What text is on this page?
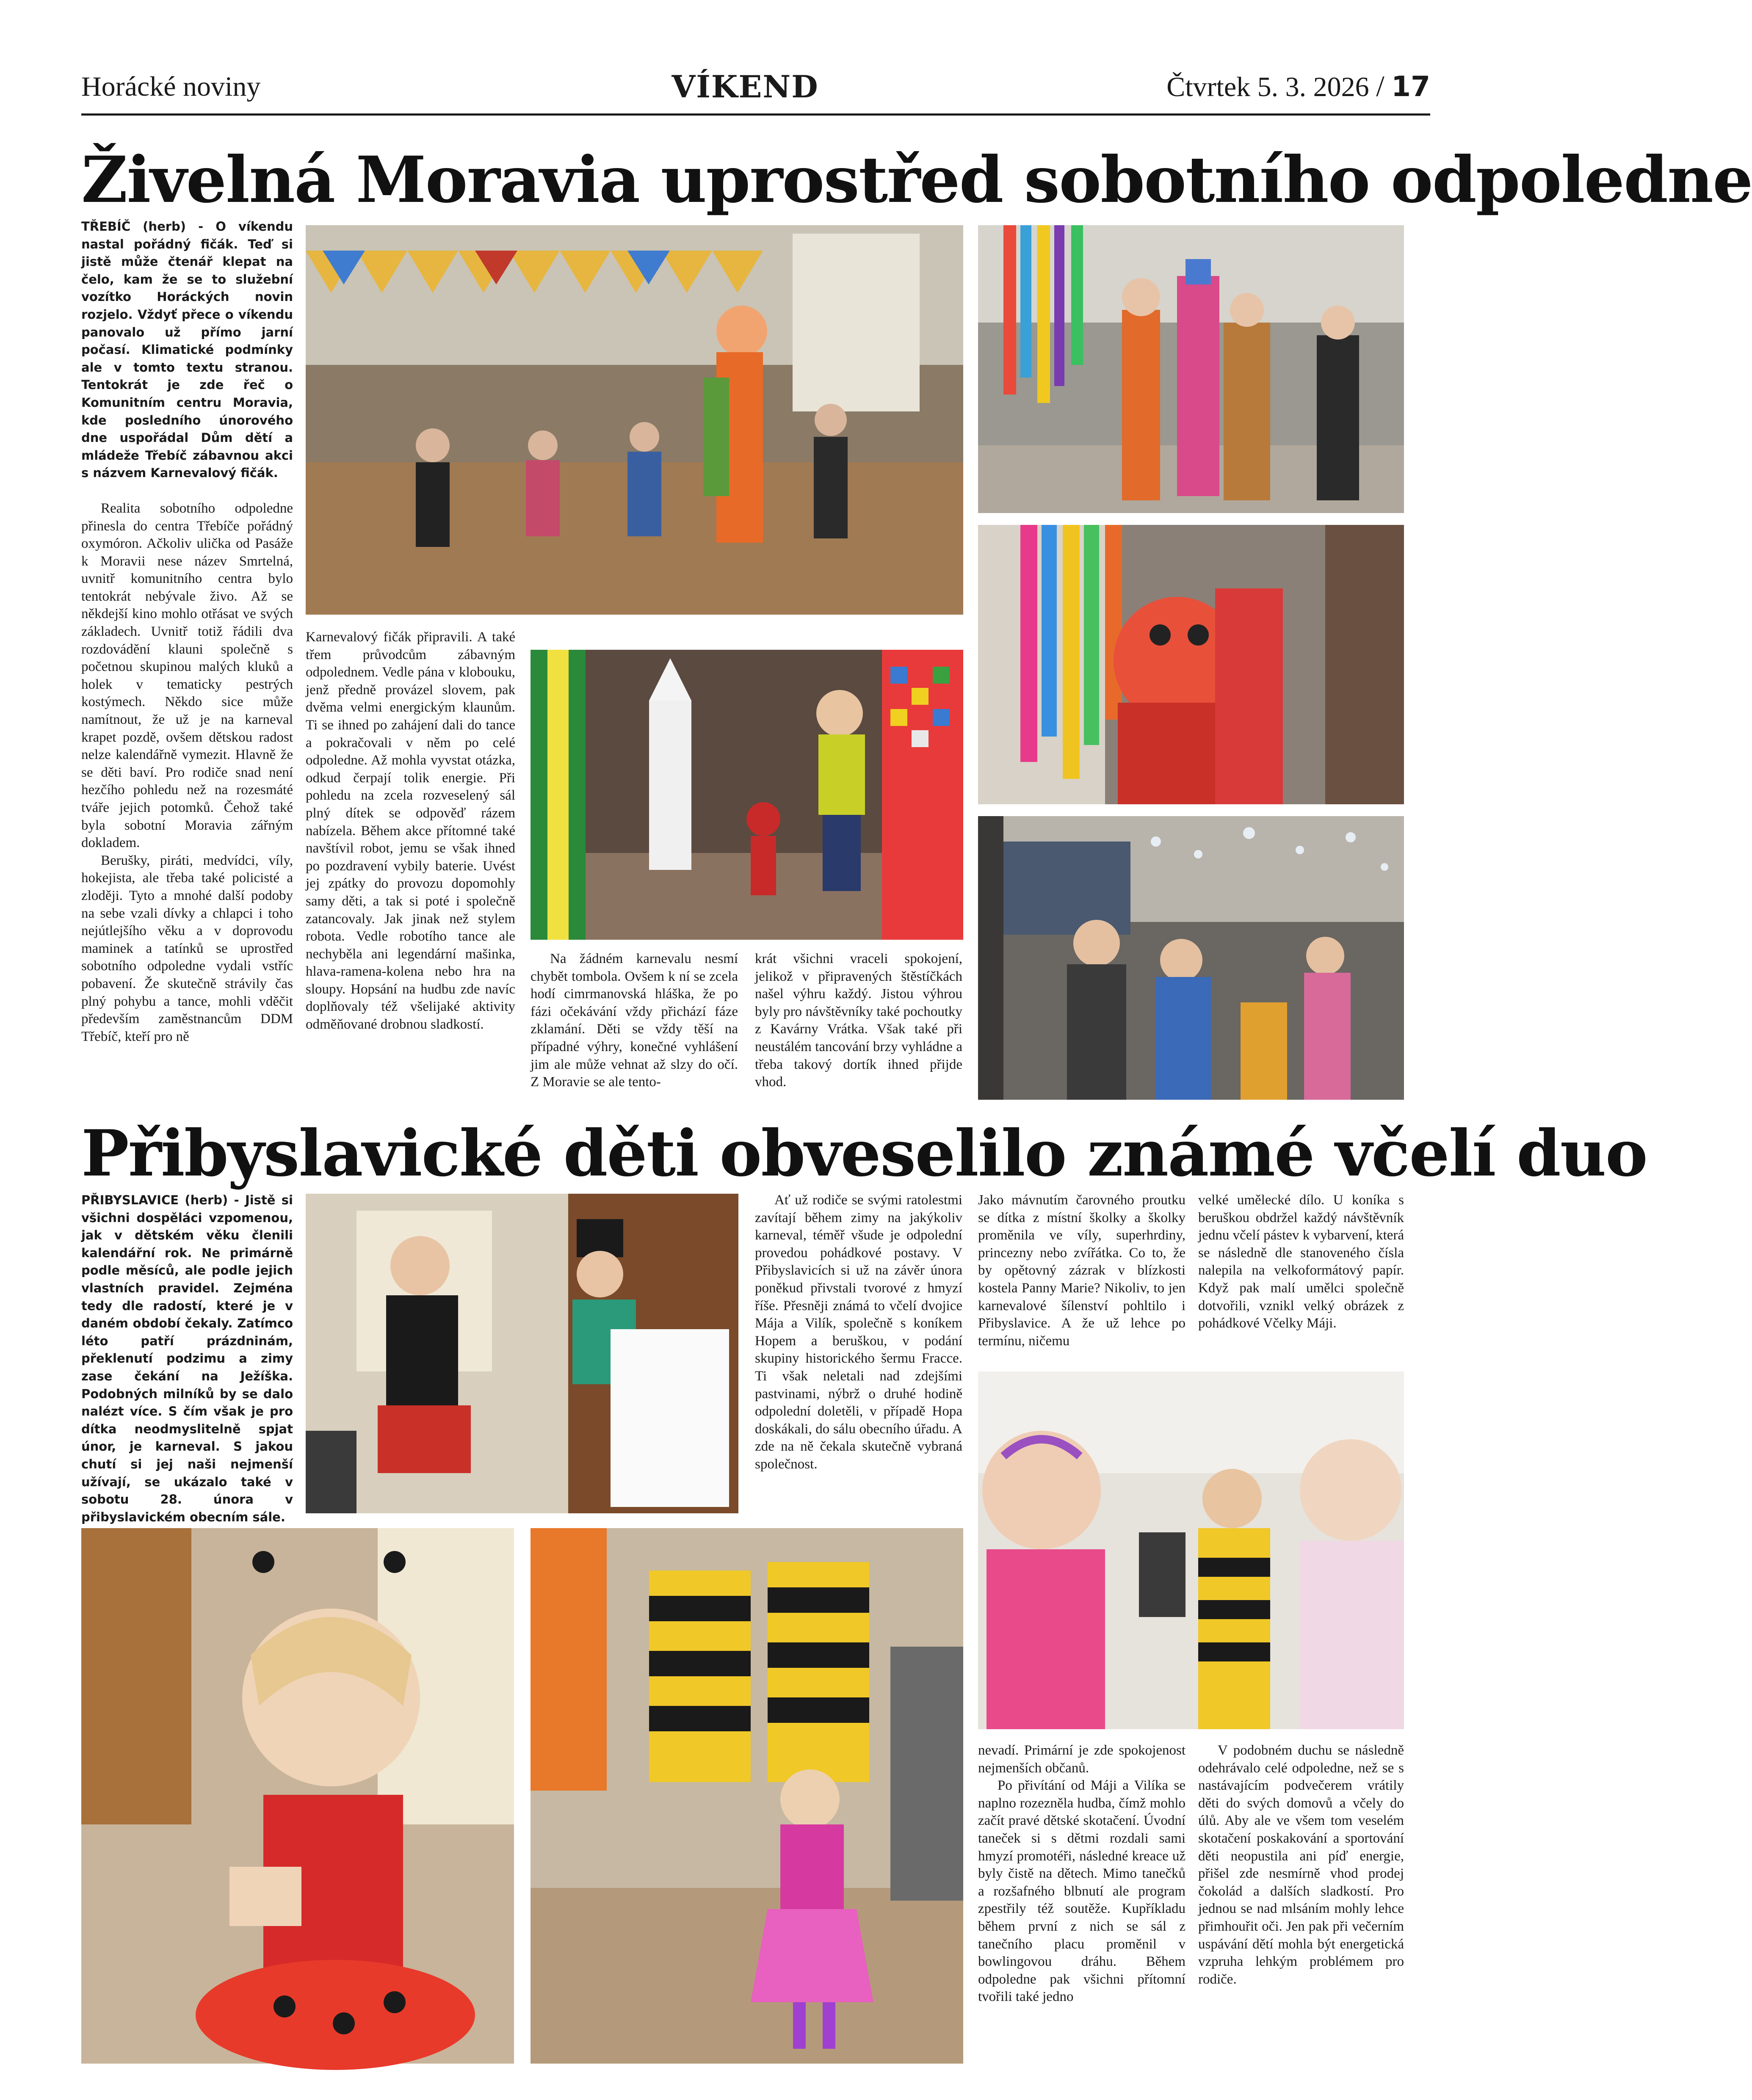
Horácké noviny	VÍKEND	Čtvrtek 5. 3. 2026 / 17
Živelná Moravia uprostřed sobotního odpoledne

TŘEBÍČ (herb) - O víkendu nastal pořádný fičák. Teď si jistě může čtenář klepat na čelo, kam že se to služební vozítko Horáckých novin rozjelo. Vždyť přece o víkendu panovalo už přímo jarní počasí. Klimatické podmínky ale v tomto textu stranou. Tentokrát je zde řeč o Komunitním centru Moravia, kde posledního únorového dne uspořádal Dům dětí a mládeže Třebíč zábavnou akci s názvem Karnevalový fičák.

Realita sobotního odpoledne přinesla do centra Třebíče pořádný oxymóron. Ačkoliv ulička od Pasáže k Moravii nese název Smrtelná, uvnitř komunitního centra bylo tentokrát nebývale živo. Až se někdejší kino mohlo otřásat ve svých základech. Uvnitř totiž řádili dva rozdovádění klauni společně s početnou skupinou malých kluků a holek v tematicky pestrých kostýmech. Někdo sice může namítnout, že už je na karneval krapet pozdě, ovšem dětskou radost nelze kalendářně vymezit. Hlavně že se děti baví. Pro rodiče snad není hezčího pohledu než na rozesmáté tváře jejich potomků. Čehož také byla sobotní Moravia zářným dokladem.

Berušky, piráti, medvídci, víly, hokejista, ale třeba také policisté a zloději. Tyto a mnohé další podoby na sebe vzali dívky a chlapci i toho nejútlejšího věku a v doprovodu maminek a tatínků se uprostřed sobotního odpoledne vydali vstříc pobavení. Že skutečně strávily čas plný pohybu a tance, mohli vděčit především zaměstnancům DDM Třebíč, kteří pro ně

Karnevalový fičák připravili. A také třem průvodcům zábavným odpolednem. Vedle pána v klobouku, jenž předně provázel slovem, pak dvěma velmi energickým klaunům. Ti se ihned po zahájení dali do tance a pokračovali v něm po celé odpoledne. Až mohla vyvstat otázka, odkud čerpají tolik energie. Při pohledu na zcela rozveselený sál plný dítek se odpověď rázem nabízela. Během akce přítomné také navštívil robot, jemu se však ihned po pozdravení vybily baterie. Uvést jej zpátky do provozu dopomohly samy děti, a tak si poté i společně zatancovaly. Jak jinak než stylem robota. Vedle robotího tance ale nechyběla ani legendární mašinka, hlava-ramena-kolena nebo hra na sloupy. Hopsání na hudbu zde navíc doplňovaly též všelijaké aktivity odměňované drobnou sladkostí.

Na žádném karnevalu nesmí chybět tombola. Ovšem k ní se zcela hodí cimrmanovská hláška, že po fázi očekávání vždy přichází fáze zklamání. Děti se vždy těší na případné výhry, konečné vyhlášení jim ale může vehnat až slzy do očí. Z Moravie se ale tento-

krát všichni vraceli spokojení, jelikož v připravených štěstíčkách našel výhru každý. Jistou výhrou byly pro návštěvníky také pochoutky z Kavárny Vrátka. Však také při neustálém tancování brzy vyhládne a třeba takový dortík ihned přijde vhod.

Přibyslavické děti obveselilo známé včelí duo

PŘIBYSLAVICE (herb) - Jistě si všichni dospěláci vzpomenou, jak v dětském věku členili kalendářní rok. Ne primárně podle měsíců, ale podle jejich vlastních pravidel. Zejména tedy dle radostí, které je v daném období čekaly. Zatímco léto patří prázdninám, překlenutí podzimu a zimy zase čekání na Ježíška. Podobných milníků by se dalo nalézt více. S čím však je pro dítka neodmyslitelně spjat únor, je karneval. S jakou chutí si jej naši nejmenší užívají, se ukázalo také v sobotu 28. února v přibyslavickém obecním sále.

Ať už rodiče se svými ratolestmi zavítají během zimy na jakýkoliv karneval, téměř všude je odpolední provedou pohádkové postavy. V Přibyslavicích si už na závěr února poněkud přivstali tvorové z hmyzí říše. Přesněji známá to včelí dvojice Mája a Vilík, společně s koníkem Hopem a beruškou, v podání skupiny historického šermu Fracce. Ti však neletali nad zdejšími pastvinami, nýbrž o druhé hodině odpolední doletěli, v případě Hopa doskákali, do sálu obecního úřadu. A zde na ně čekala skutečně vybraná společnost.

Jako mávnutím čarovného proutku se dítka z místní školky a školky proměnila ve víly, superhrdiny, princezny nebo zvířátka. Co to, že by opětovný zázrak v blízkosti kostela Panny Marie? Nikoliv, to jen karnevalové šílenství pohltilo i Přibyslavice. A že už lehce po termínu, ničemu

velké umělecké dílo. U koníka s beruškou obdržel každý návštěvník jednu včelí pástev k vybarvení, která se následně dle stanoveného čísla nalepila na velkoformátový papír. Když pak malí umělci společně dotvořili, vznikl velký obrázek z pohádkové Včelky Máji.

nevadí. Primární je zde spokojenost nejmenších občanů.

Po přivítání od Máji a Vilíka se naplno rozezněla hudba, čímž mohlo začít pravé dětské skotačení. Úvodní taneček si s dětmi rozdali sami hmyzí promotéři, následné kreace už byly čistě na dětech. Mimo tanečků a rozšafného blbnutí ale program zpestřily též soutěže. Kupříkladu během první z nich se sál z tanečního placu proměnil v bowlingovou dráhu. Během odpoledne pak všichni přítomní tvořili také jedno

V podobném duchu se následně odehrávalo celé odpoledne, než se s nastávajícím podvečerem vrátily děti do svých domovů a včely do úlů. Aby ale ve všem tom veselém skotačení poskakování a sportování děti neopustila ani píď energie, přišel zde nesmírně vhod prodej čokolád a dalších sladkostí. Pro jednou se nad mlsáním mohly lehce přimhouřit oči. Jen pak při večerním uspávání dětí mohla být energetická vzpruha lehkým problémem pro rodiče.
